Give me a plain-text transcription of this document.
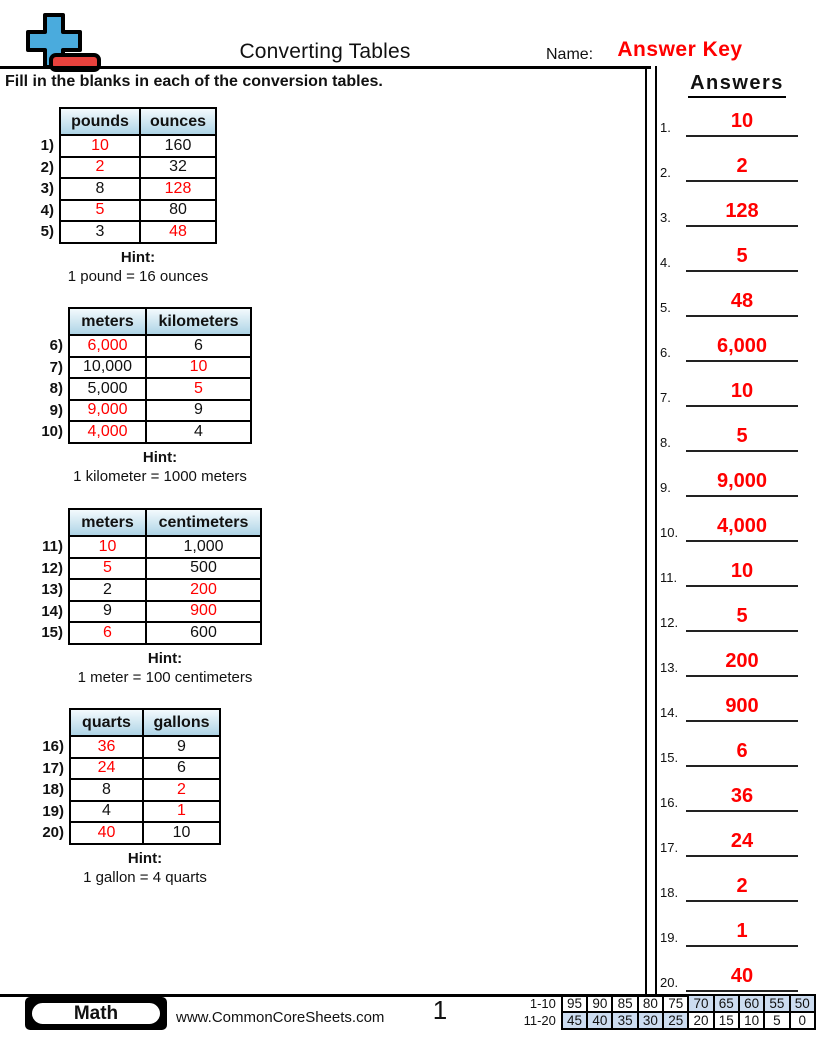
Converting Tables	Name:	Answer Key
Fill in the blanks in each of the conversion tables.
	pounds	ounces
1)	10	160
2)	2	32
3)	8	128
4)	5	80
5)	3	48
Hint:
1 pound = 16 ounces
	meters	kilometers
6)	6,000	6
7)	10,000	10
8)	5,000	5
9)	9,000	9
10)	4,000	4
Hint:
1 kilometer = 1000 meters
	meters	centimeters
11)	10	1,000
12)	5	500
13)	2	200
14)	9	900
15)	6	600
Hint:
1 meter = 100 centimeters
	quarts	gallons
16)	36	9
17)	24	6
18)	8	2
19)	4	1
20)	40	10
Hint:
1 gallon = 4 quarts
Answers
1.	10
2.	2
3.	128
4.	5
5.	48
6.	6,000
7.	10
8.	5
9.	9,000
10.	4,000
11.	10
12.	5
13.	200
14.	900
15.	6
16.	36
17.	24
18.	2
19.	1
20.	40
Math	www.CommonCoreSheets.com	1	1-10	95	90	85	80	75	70	65	60	55	50
11-20	45	40	35	30	25	20	15	10	5	0
